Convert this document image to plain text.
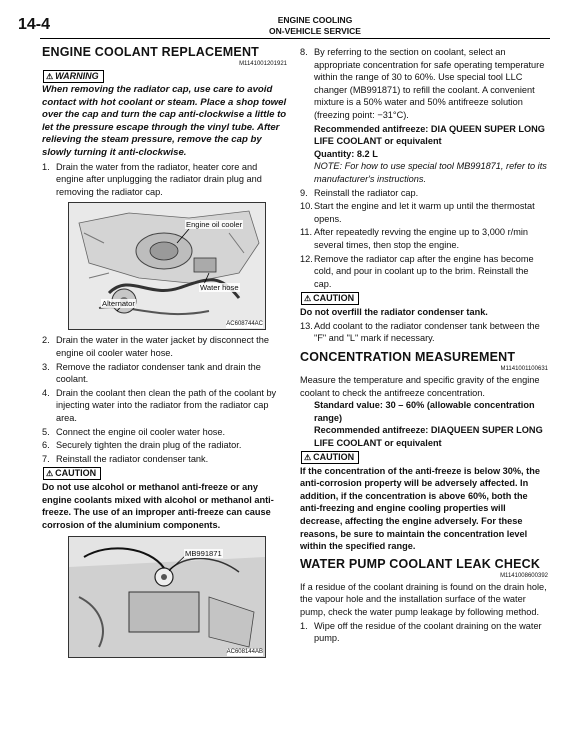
14-4	ENGINE COOLING
ON-VEHICLE SERVICE
ENGINE COOLANT REPLACEMENT
M1141001201921
⚠ WARNING

When removing the radiator cap, use care to avoid contact with hot coolant or steam. Place a shop towel over the cap and turn the cap anti-clockwise a little to let the pressure escape through the vinyl tube. After relieving the steam pressure, remove the cap by slowly turning it anti-clockwise.

1. Drain the water from the radiator, heater core and engine after unplugging the radiator drain plug and removing the radiator cap.
Engine oil cooler
Water hose
Alternator
AC608744AC
2. Drain the water in the water jacket by disconnect the engine oil cooler water hose.
3. Remove the radiator condenser tank and drain the coolant.
4. Drain the coolant then clean the path of the coolant by injecting water into the radiator from the radiator cap area.
5. Connect the engine oil cooler water hose.
6. Securely tighten the drain plug of the radiator.
7. Reinstall the radiator condenser tank.
⚠ CAUTION
Do not use alcohol or methanol anti-freeze or any engine coolants mixed with alcohol or methanol anti-freeze. The use of an improper anti-freeze can cause corrosion of the aluminium components.
MB991871
AC608144AB
8. By referring to the section on coolant, select an appropriate concentration for safe operating temperature within the range of 30 to 60%. Use special tool LLC changer (MB991871) to refill the coolant. A convenient mixture is a 50% water and 50% antifreeze solution (freezing point: −31°C).
Recommended antifreeze: DIA QUEEN SUPER LONG LIFE COOLANT or equivalent
Quantity: 8.2 L
NOTE: For how to use special tool MB991871, refer to its manufacturer's instructions.
9. Reinstall the radiator cap.
10. Start the engine and let it warm up until the thermostat opens.
11. After repeatedly revving the engine up to 3,000 r/min several times, then stop the engine.
12. Remove the radiator cap after the engine has become cold, and pour in coolant up to the brim. Reinstall the cap.
⚠ CAUTION
Do not overfill the radiator condenser tank.
13. Add coolant to the radiator condenser tank between the "F" and "L" mark if necessary.
CONCENTRATION MEASUREMENT
M1141001100631
Measure the temperature and specific gravity of the engine coolant to check the antifreeze concentration.
Standard value: 30 – 60% (allowable concentration range)
Recommended antifreeze: DIAQUEEN SUPER LONG LIFE COOLANT or equivalent
⚠ CAUTION
If the concentration of the anti-freeze is below 30%, the anti-corrosion property will be adversely affected. In addition, if the concentration is above 60%, both the anti-freezing and engine cooling properties will decrease, affecting the engine adversely. For these reasons, be sure to maintain the concentration level within the specified range.
WATER PUMP COOLANT LEAK CHECK
M1141008600392
If a residue of the coolant draining is found on the drain hole, the vapour hole and the installation surface of the water pump, check the water pump leakage by following method.
1. Wipe off the residue of the coolant draining on the water pump.
